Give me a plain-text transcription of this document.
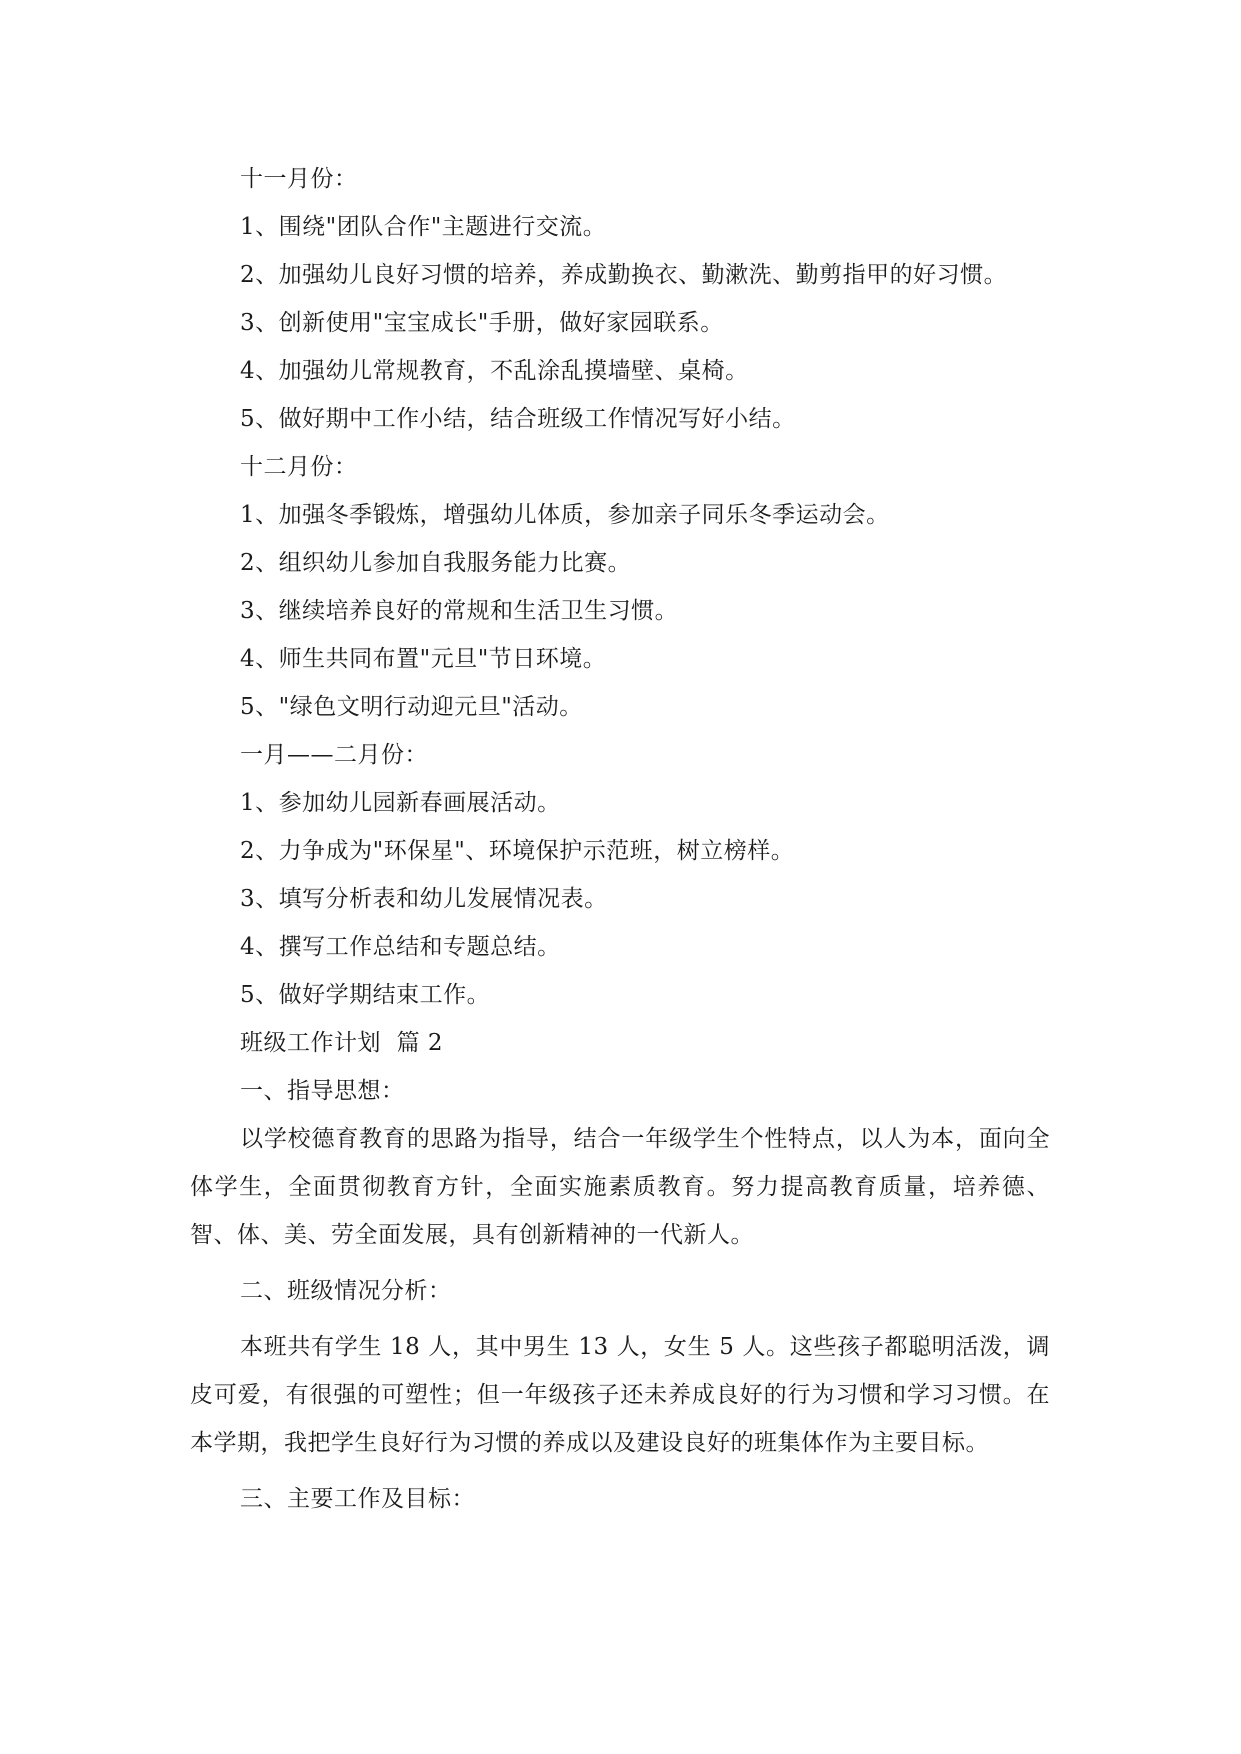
十一月份：
1、围绕"团队合作"主题进行交流。
2、加强幼儿良好习惯的培养，养成勤换衣、勤漱洗、勤剪指甲的好习惯。
3、创新使用"宝宝成长"手册，做好家园联系。
4、加强幼儿常规教育，不乱涂乱摸墙壁、桌椅。
5、做好期中工作小结，结合班级工作情况写好小结。
十二月份：
1、加强冬季锻炼，增强幼儿体质，参加亲子同乐冬季运动会。
2、组织幼儿参加自我服务能力比赛。
3、继续培养良好的常规和生活卫生习惯。
4、师生共同布置"元旦"节日环境。
5、"绿色文明行动迎元旦"活动。
一月——二月份：
1、参加幼儿园新春画展活动。
2、力争成为"环保星"、环境保护示范班，树立榜样。
3、填写分析表和幼儿发展情况表。
4、撰写工作总结和专题总结。
5、做好学期结束工作。
班级工作计划  篇 2
一、指导思想：

以学校德育教育的思路为指导，结合一年级学生个性特点，以人为本，面向全体学生，全面贯彻教育方针，全面实施素质教育。努力提高教育质量，培养德、智、体、美、劳全面发展，具有创新精神的一代新人。

二、班级情况分析：

本班共有学生 18 人，其中男生 13 人，女生 5 人。这些孩子都聪明活泼，调皮可爱，有很强的可塑性；但一年级孩子还未养成良好的行为习惯和学习习惯。在本学期，我把学生良好行为习惯的养成以及建设良好的班集体作为主要目标。

三、主要工作及目标：
